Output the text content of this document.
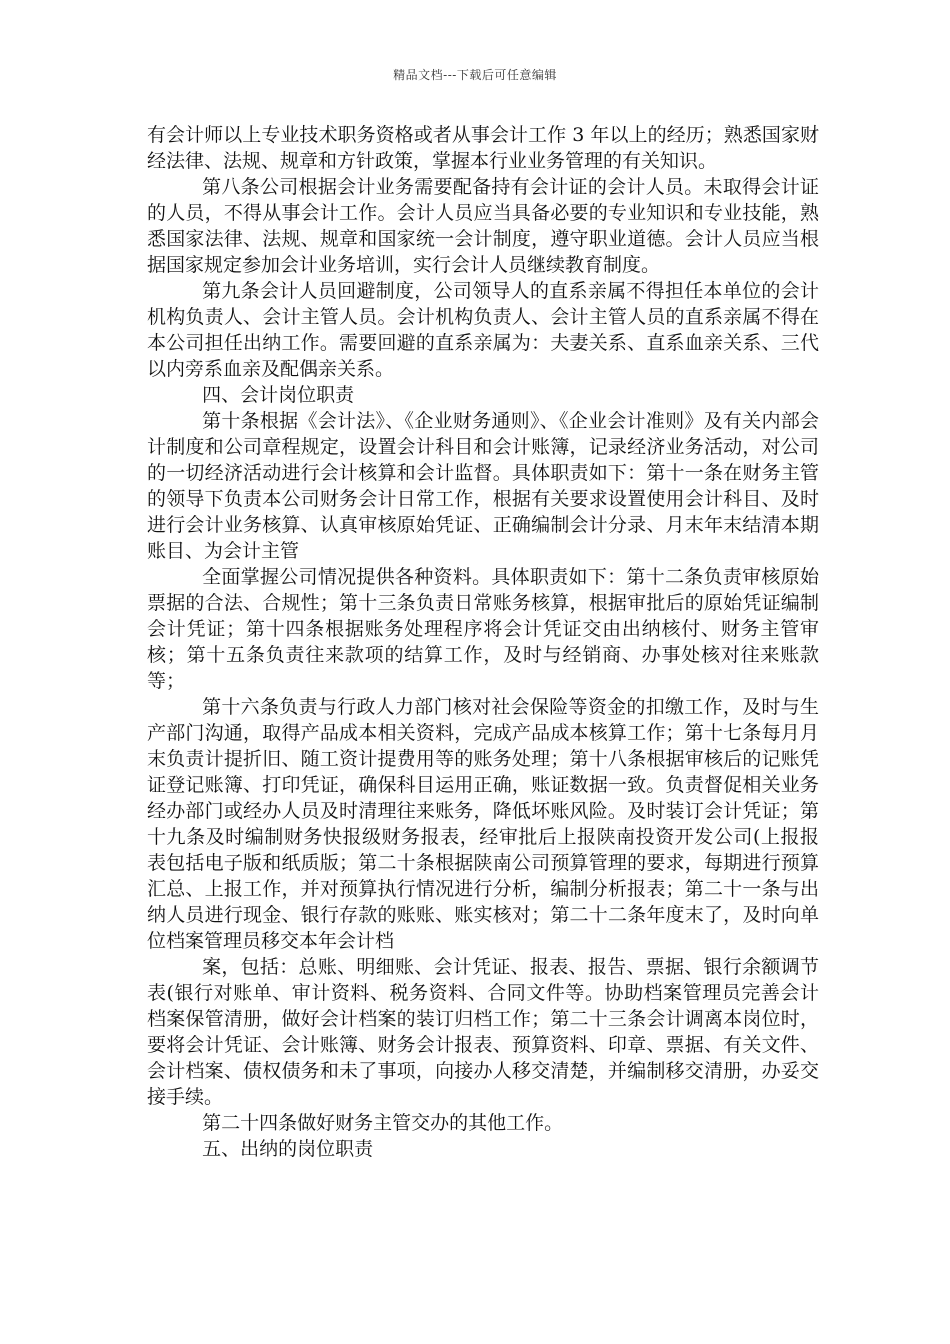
精品文档---下载后可任意编辑

有会计师以上专业技术职务资格或者从事会计工作 3 年以上的经历；熟悉国家财经法律、法规、规章和方针政策，掌握本行业业务管理的有关知识。

第八条公司根据会计业务需要配备持有会计证的会计人员。未取得会计证的人员，不得从事会计工作。会计人员应当具备必要的专业知识和专业技能，熟悉国家法律、法规、规章和国家统一会计制度，遵守职业道德。会计人员应当根据国家规定参加会计业务培训，实行会计人员继续教育制度。

第九条会计人员回避制度，公司领导人的直系亲属不得担任本单位的会计机构负责人、会计主管人员。会计机构负责人、会计主管人员的直系亲属不得在本公司担任出纳工作。需要回避的直系亲属为：夫妻关系、直系血亲关系、三代以内旁系血亲及配偶亲关系。

四、会计岗位职责

第十条根据《会计法》、《企业财务通则》、《企业会计准则》及有关内部会计制度和公司章程规定，设置会计科目和会计账簿，记录经济业务活动，对公司的一切经济活动进行会计核算和会计监督。具体职责如下：第十一条在财务主管的领导下负责本公司财务会计日常工作，根据有关要求设置使用会计科目、及时进行会计业务核算、认真审核原始凭证、正确编制会计分录、月末年末结清本期账目、为会计主管

全面掌握公司情况提供各种资料。具体职责如下：第十二条负责审核原始票据的合法、合规性；第十三条负责日常账务核算，根据审批后的原始凭证编制会计凭证；第十四条根据账务处理程序将会计凭证交由出纳核付、财务主管审核；第十五条负责往来款项的结算工作，及时与经销商、办事处核对往来账款等；

第十六条负责与行政人力部门核对社会保险等资金的扣缴工作，及时与生产部门沟通，取得产品成本相关资料，完成产品成本核算工作；第十七条每月月末负责计提折旧、随工资计提费用等的账务处理；第十八条根据审核后的记账凭证登记账簿、打印凭证，确保科目运用正确，账证数据一致。负责督促相关业务经办部门或经办人员及时清理往来账务，降低坏账风险。及时装订会计凭证；第十九条及时编制财务快报级财务报表，经审批后上报陕南投资开发公司(上报报表包括电子版和纸质版；第二十条根据陕南公司预算管理的要求，每期进行预算汇总、上报工作，并对预算执行情况进行分析，编制分析报表；第二十一条与出纳人员进行现金、银行存款的账账、账实核对；第二十二条年度末了，及时向单位档案管理员移交本年会计档

案，包括：总账、明细账、会计凭证、报表、报告、票据、银行余额调节表(银行对账单、审计资料、税务资料、合同文件等。协助档案管理员完善会计档案保管清册，做好会计档案的装订归档工作；第二十三条会计调离本岗位时，要将会计凭证、会计账簿、财务会计报表、预算资料、印章、票据、有关文件、会计档案、债权债务和未了事项，向接办人移交清楚，并编制移交清册，办妥交接手续。

第二十四条做好财务主管交办的其他工作。

五、出纳的岗位职责
